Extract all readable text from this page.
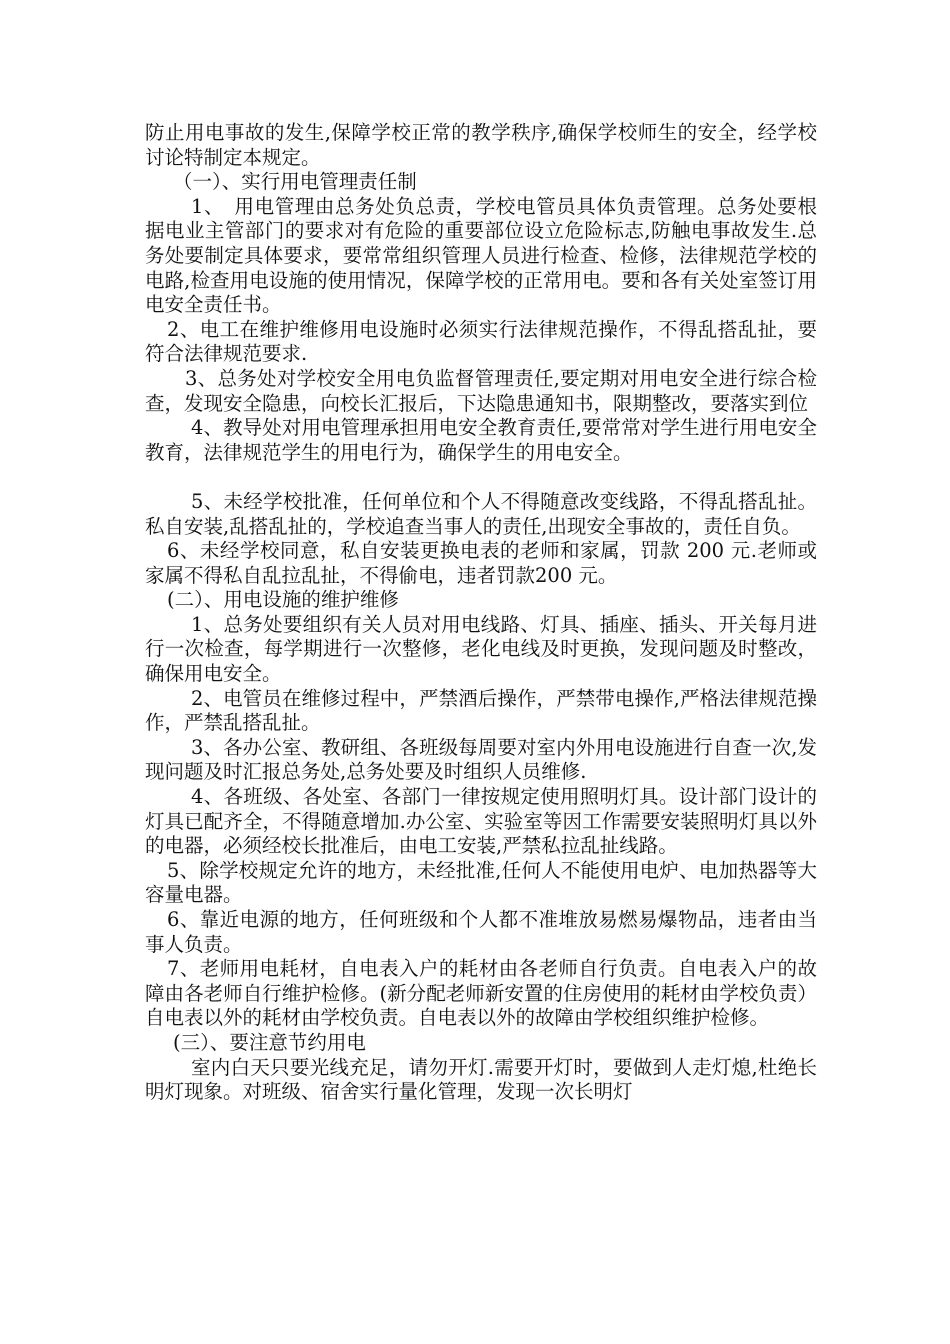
防止用电事故的发生,保障学校正常的教学秩序,确保学校师生的安全，经学校讨论特制定本规定。

（一）、实行用电管理责任制

1、　用电管理由总务处负总责，学校电管员具体负责管理。总务处要根据电业主管部门的要求对有危险的重要部位设立危险标志,防触电事故发生.总务处要制定具体要求，要常常组织管理人员进行检查、检修，法律规范学校的电路,检查用电设施的使用情况，保障学校的正常用电。要和各有关处室签订用电安全责任书。

2、电工在维护维修用电设施时必须实行法律规范操作，不得乱搭乱扯，要符合法律规范要求.

3、总务处对学校安全用电负监督管理责任,要定期对用电安全进行综合检查，发现安全隐患，向校长汇报后，下达隐患通知书，限期整改，要落实到位

4、教导处对用电管理承担用电安全教育责任,要常常对学生进行用电安全教育，法律规范学生的用电行为，确保学生的用电安全。

5、未经学校批准，任何单位和个人不得随意改变线路，不得乱搭乱扯。私自安装,乱搭乱扯的，学校追查当事人的责任,出现安全事故的，责任自负。

6、未经学校同意，私自安装更换电表的老师和家属，罚款 200 元.老师或家属不得私自乱拉乱扯，不得偷电，违者罚款200 元。

(二）、用电设施的维护维修

1、总务处要组织有关人员对用电线路、灯具、插座、插头、开关每月进行一次检查，每学期进行一次整修，老化电线及时更换，发现问题及时整改，确保用电安全。

2、电管员在维修过程中，严禁酒后操作，严禁带电操作,严格法律规范操作，严禁乱搭乱扯。

3、各办公室、教研组、各班级每周要对室内外用电设施进行自查一次,发现问题及时汇报总务处,总务处要及时组织人员维修.

4、各班级、各处室、各部门一律按规定使用照明灯具。设计部门设计的灯具已配齐全，不得随意增加.办公室、实验室等因工作需要安装照明灯具以外的电器，必须经校长批准后，由电工安装,严禁私拉乱扯线路。

5、除学校规定允许的地方，未经批准,任何人不能使用电炉、电加热器等大容量电器。

6、靠近电源的地方，任何班级和个人都不准堆放易燃易爆物品，违者由当事人负责。

7、老师用电耗材，自电表入户的耗材由各老师自行负责。自电表入户的故障由各老师自行维护检修。(新分配老师新安置的住房使用的耗材由学校负责）自电表以外的耗材由学校负责。自电表以外的故障由学校组织维护检修。

(三）、要注意节约用电

室内白天只要光线充足，请勿开灯.需要开灯时，要做到人走灯熄,杜绝长明灯现象。对班级、宿舍实行量化管理，发现一次长明灯
